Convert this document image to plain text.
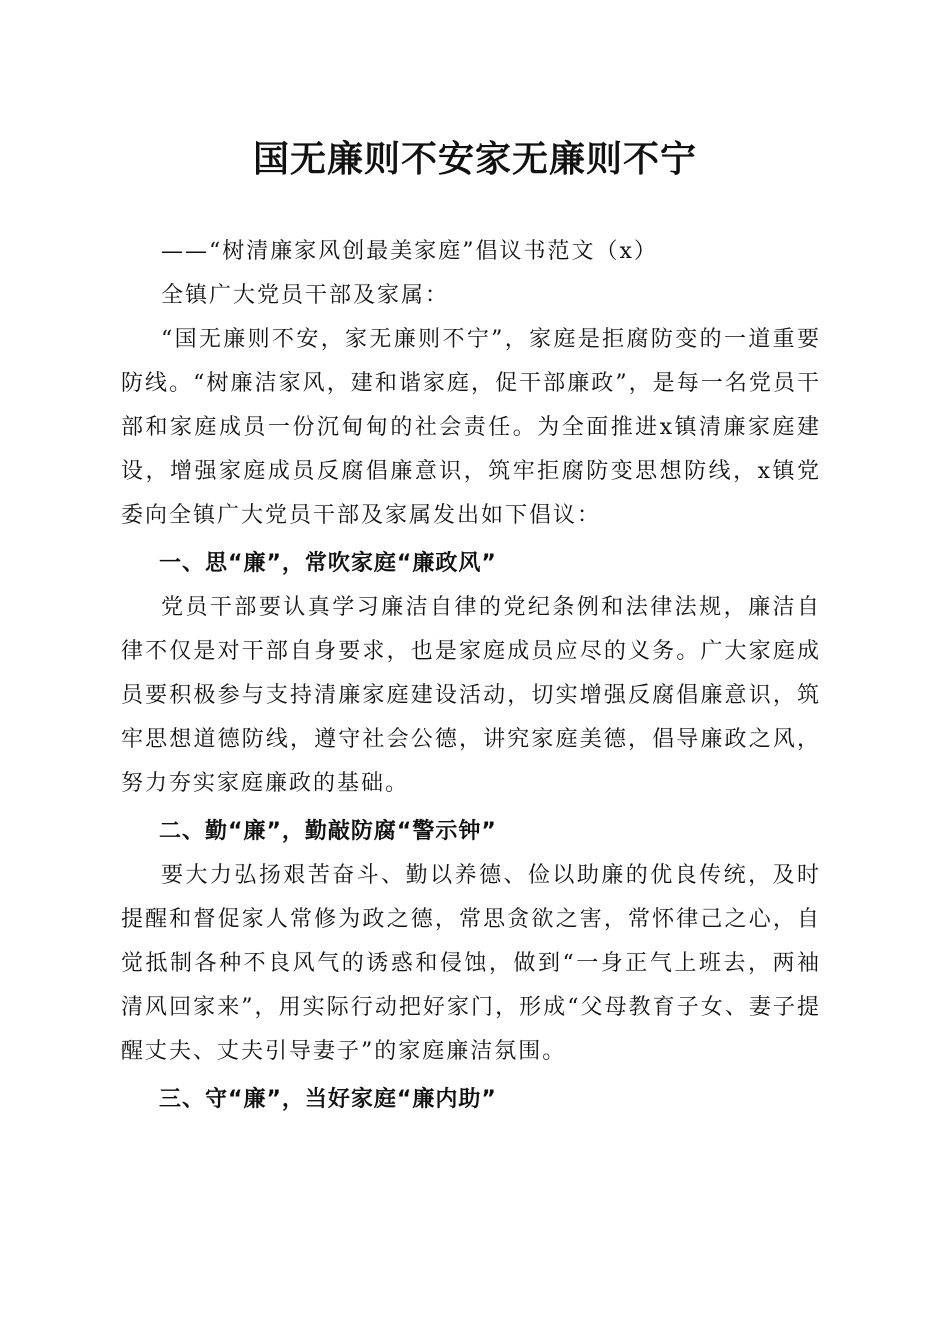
国无廉则不安家无廉则不宁

——“树清廉家风创最美家庭”倡议书范文（x）

全镇广大党员干部及家属：

“国无廉则不安，家无廉则不宁”，家庭是拒腐防变的一道重要防线。“树廉洁家风，建和谐家庭，促干部廉政”，是每一名党员干部和家庭成员一份沉甸甸的社会责任。为全面推进x镇清廉家庭建设，增强家庭成员反腐倡廉意识，筑牢拒腐防变思想防线，x镇党委向全镇广大党员干部及家属发出如下倡议：

一、思“廉”，常吹家庭“廉政风”

党员干部要认真学习廉洁自律的党纪条例和法律法规，廉洁自律不仅是对干部自身要求，也是家庭成员应尽的义务。广大家庭成员要积极参与支持清廉家庭建设活动，切实增强反腐倡廉意识，筑牢思想道德防线，遵守社会公德，讲究家庭美德，倡导廉政之风，努力夯实家庭廉政的基础。

二、勤“廉”，勤敲防腐“警示钟”

要大力弘扬艰苦奋斗、勤以养德、俭以助廉的优良传统，及时提醒和督促家人常修为政之德，常思贪欲之害，常怀律己之心，自觉抵制各种不良风气的诱惑和侵蚀，做到“一身正气上班去，两袖清风回家来”，用实际行动把好家门，形成“父母教育子女、妻子提醒丈夫、丈夫引导妻子”的家庭廉洁氛围。

三、守“廉”，当好家庭“廉内助”
